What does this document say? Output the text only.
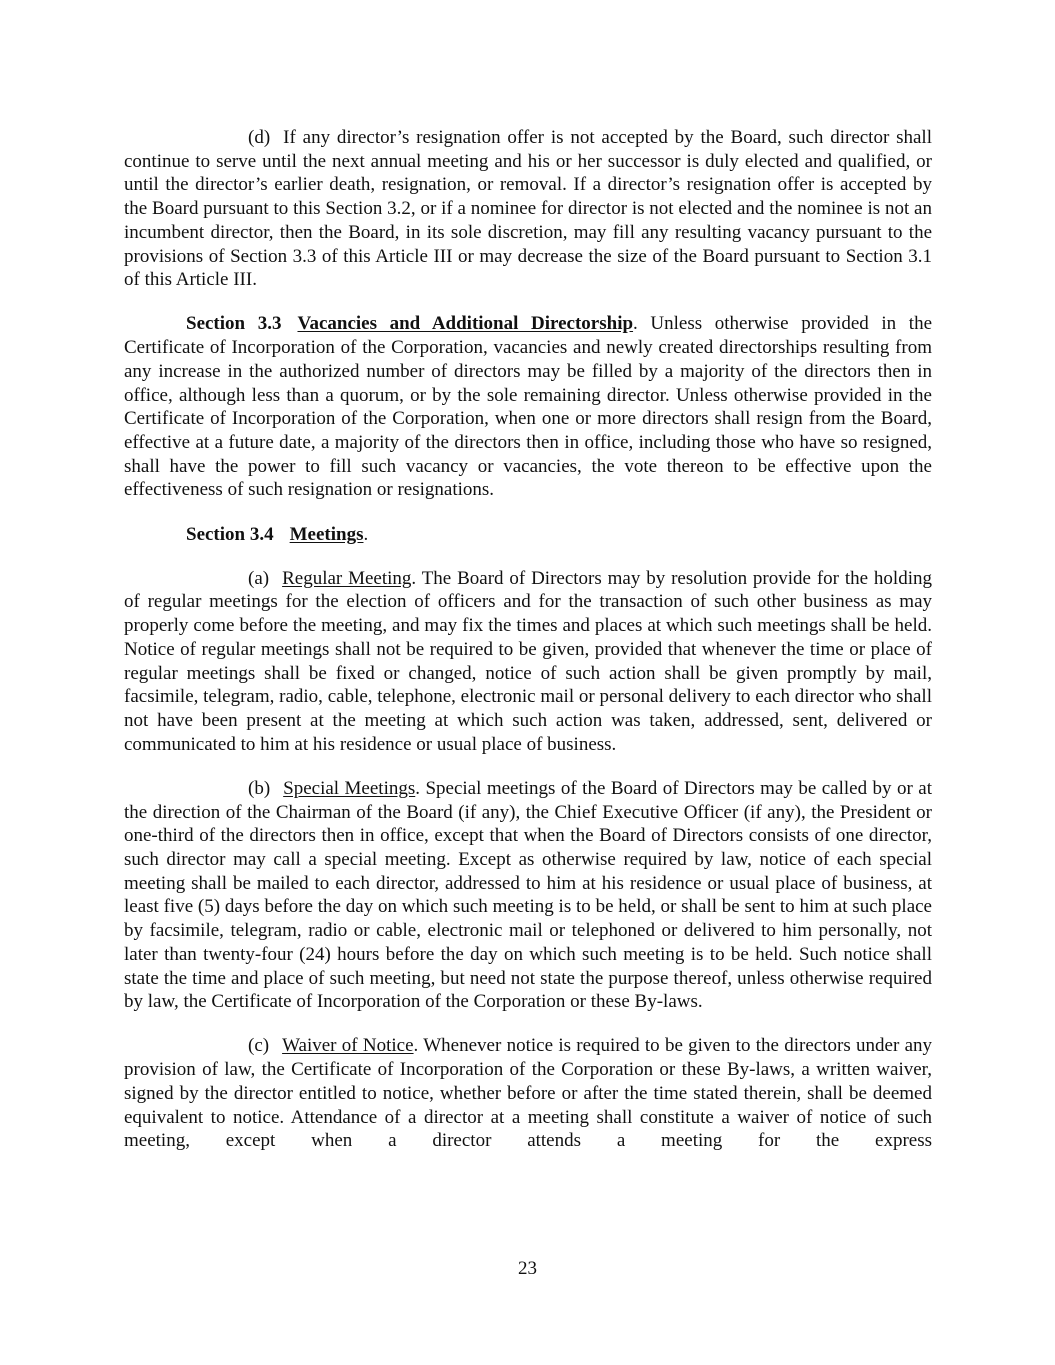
(d) If any director’s resignation offer is not accepted by the Board, such director shall continue to serve until the next annual meeting and his or her successor is duly elected and qualified, or until the director’s earlier death, resignation, or removal. If a director’s resignation offer is accepted by the Board pursuant to this Section 3.2, or if a nominee for director is not elected and the nominee is not an incumbent director, then the Board, in its sole discretion, may fill any resulting vacancy pursuant to the provisions of Section 3.3 of this Article III or may decrease the size of the Board pursuant to Section 3.1 of this Article III.

Section 3.3 Vacancies and Additional Directorship. Unless otherwise provided in the Certificate of Incorporation of the Corporation, vacancies and newly created directorships resulting from any increase in the authorized number of directors may be filled by a majority of the directors then in office, although less than a quorum, or by the sole remaining director. Unless otherwise provided in the Certificate of Incorporation of the Corporation, when one or more directors shall resign from the Board, effective at a future date, a majority of the directors then in office, including those who have so resigned, shall have the power to fill such vacancy or vacancies, the vote thereon to be effective upon the effectiveness of such resignation or resignations.

Section 3.4 Meetings.

(a) Regular Meeting. The Board of Directors may by resolution provide for the holding of regular meetings for the election of officers and for the transaction of such other business as may properly come before the meeting, and may fix the times and places at which such meetings shall be held. Notice of regular meetings shall not be required to be given, provided that whenever the time or place of regular meetings shall be fixed or changed, notice of such action shall be given promptly by mail, facsimile, telegram, radio, cable, telephone, electronic mail or personal delivery to each director who shall not have been present at the meeting at which such action was taken, addressed, sent, delivered or communicated to him at his residence or usual place of business.

(b) Special Meetings. Special meetings of the Board of Directors may be called by or at the direction of the Chairman of the Board (if any), the Chief Executive Officer (if any), the President or one-third of the directors then in office, except that when the Board of Directors consists of one director, such director may call a special meeting. Except as otherwise required by law, notice of each special meeting shall be mailed to each director, addressed to him at his residence or usual place of business, at least five (5) days before the day on which such meeting is to be held, or shall be sent to him at such place by facsimile, telegram, radio or cable, electronic mail or telephoned or delivered to him personally, not later than twenty-four (24) hours before the day on which such meeting is to be held. Such notice shall state the time and place of such meeting, but need not state the purpose thereof, unless otherwise required by law, the Certificate of Incorporation of the Corporation or these By-laws.

(c) Waiver of Notice. Whenever notice is required to be given to the directors under any provision of law, the Certificate of Incorporation of the Corporation or these By-laws, a written waiver, signed by the director entitled to notice, whether before or after the time stated therein, shall be deemed equivalent to notice. Attendance of a director at a meeting shall constitute a waiver of notice of such meeting, except when a director attends a meeting for the express

23
